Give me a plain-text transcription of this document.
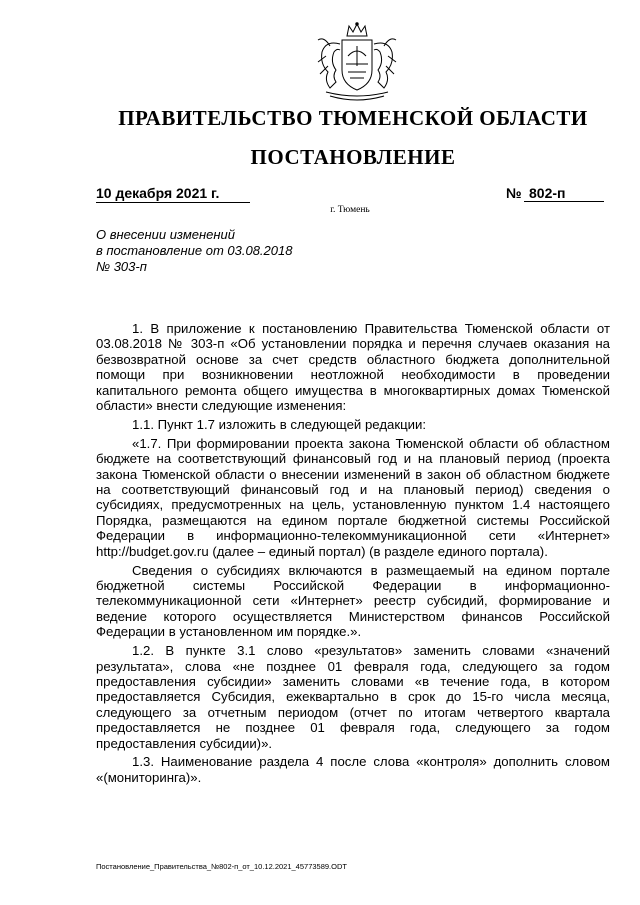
ПРАВИТЕЛЬСТВО ТЮМЕНСКОЙ ОБЛАСТИ
ПОСТАНОВЛЕНИЕ
10 декабря 2021 г.	№ 802-п
г. Тюмень
О внесении изменений
в постановление от 03.08.2018
№ 303-п

1. В приложение к постановлению Правительства Тюменской области от 03.08.2018 № 303-п «Об установлении порядка и перечня случаев оказания на безвозвратной основе за счет средств областного бюджета дополнительной помощи при возникновении неотложной необходимости в проведении капитального ремонта общего имущества в многоквартирных домах Тюменской области» внести следующие изменения:

1.1. Пункт 1.7 изложить в следующей редакции:

«1.7. При формировании проекта закона Тюменской области об областном бюджете на соответствующий финансовый год и на плановый период (проекта закона Тюменской области о внесении изменений в закон об областном бюджете на соответствующий финансовый год и на плановый период) сведения о субсидиях, предусмотренных на цель, установленную пунктом 1.4 настоящего Порядка, размещаются на едином портале бюджетной системы Российской Федерации в информационно-телекоммуникационной сети «Интернет» http://budget.gov.ru (далее – единый портал) (в разделе единого портала).

Сведения о субсидиях включаются в размещаемый на едином портале бюджетной системы Российской Федерации в информационно-телекоммуникационной сети «Интернет» реестр субсидий, формирование и ведение которого осуществляется Министерством финансов Российской Федерации в установленном им порядке.».

1.2. В пункте 3.1 слово «результатов» заменить словами «значений результата», слова «не позднее 01 февраля года, следующего за годом предоставления субсидии» заменить словами «в течение года, в котором предоставляется Субсидия, ежеквартально в срок до 15-го числа месяца, следующего за отчетным периодом (отчет по итогам четвертого квартала предоставляется не позднее 01 февраля года, следующего за годом предоставления субсидии)».

1.3. Наименование раздела 4 после слова «контроля» дополнить словом «(мониторинга)».

Постановление_Правительства_№802-п_от_10.12.2021_45773589.ODT
